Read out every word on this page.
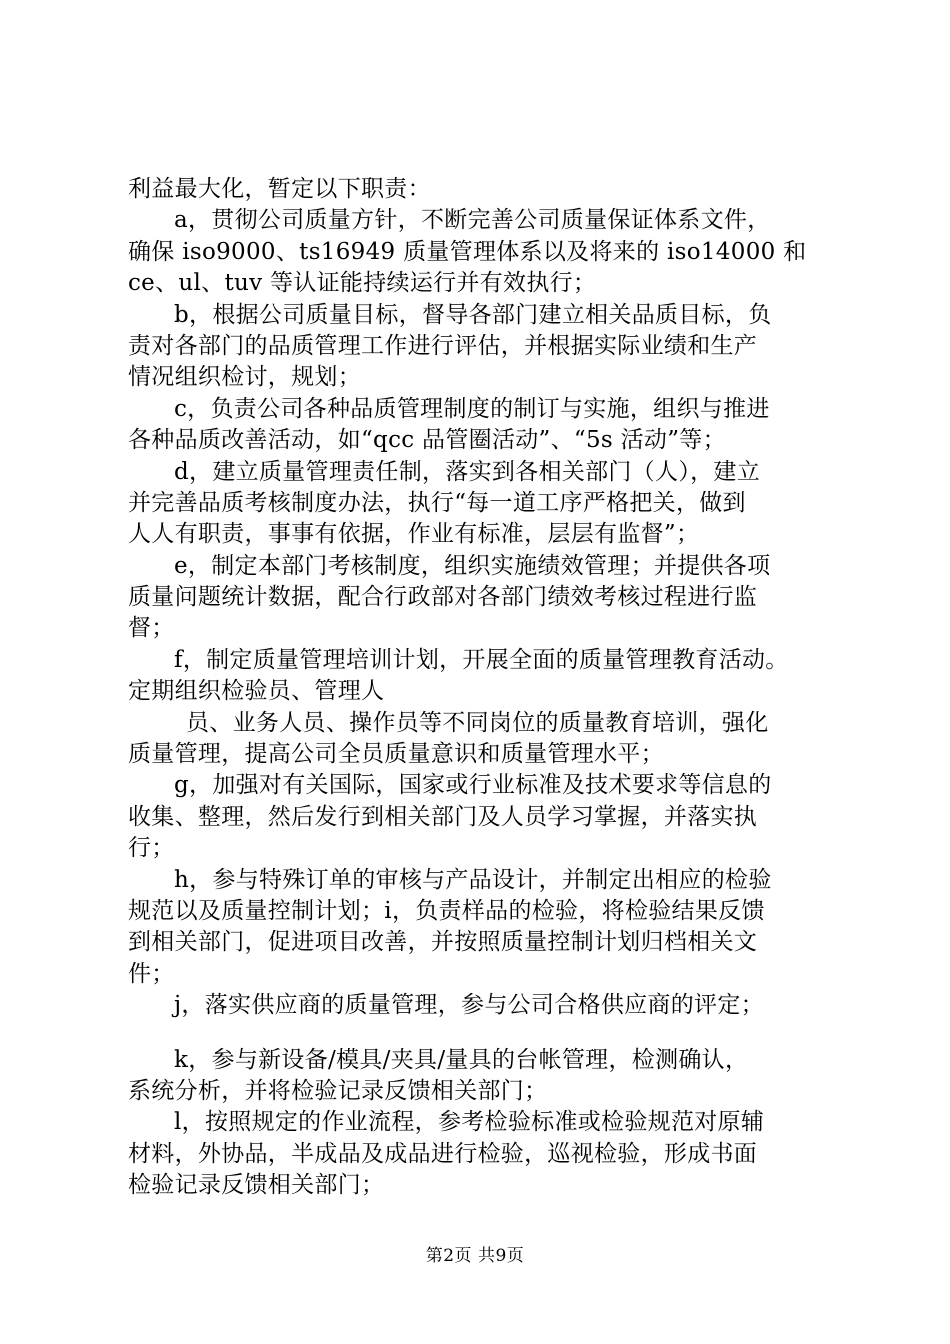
利益最大化，暂定以下职责：
a，贯彻公司质量方针，不断完善公司质量保证体系文件，
确保 iso9000、ts16949 质量管理体系以及将来的 iso14000 和
ce、ul、tuv 等认证能持续运行并有效执行；
b，根据公司质量目标，督导各部门建立相关品质目标，负
责对各部门的品质管理工作进行评估，并根据实际业绩和生产
情况组织检讨，规划；
c，负责公司各种品质管理制度的制订与实施，组织与推进
各种品质改善活动，如“qcc 品管圈活动”、“5s 活动”等；
d，建立质量管理责任制，落实到各相关部门（人），建立
并完善品质考核制度办法，执行“每一道工序严格把关，做到
人人有职责，事事有依据，作业有标准，层层有监督”；
e，制定本部门考核制度，组织实施绩效管理；并提供各项
质量问题统计数据，配合行政部对各部门绩效考核过程进行监
督；
f，制定质量管理培训计划，开展全面的质量管理教育活动。
定期组织检验员、管理人
员、业务人员、操作员等不同岗位的质量教育培训，强化
质量管理，提高公司全员质量意识和质量管理水平；
g，加强对有关国际，国家或行业标准及技术要求等信息的
收集、整理，然后发行到相关部门及人员学习掌握，并落实执
行；
h，参与特殊订单的审核与产品设计，并制定出相应的检验
规范以及质量控制计划；i，负责样品的检验，将检验结果反馈
到相关部门，促进项目改善，并按照质量控制计划归档相关文
件；
j，落实供应商的质量管理，参与公司合格供应商的评定；
k，参与新设备/模具/夹具/量具的台帐管理，检测确认，
系统分析，并将检验记录反馈相关部门；
l，按照规定的作业流程，参考检验标准或检验规范对原辅
材料，外协品，半成品及成品进行检验，巡视检验，形成书面
检验记录反馈相关部门；
第2页 共9页
